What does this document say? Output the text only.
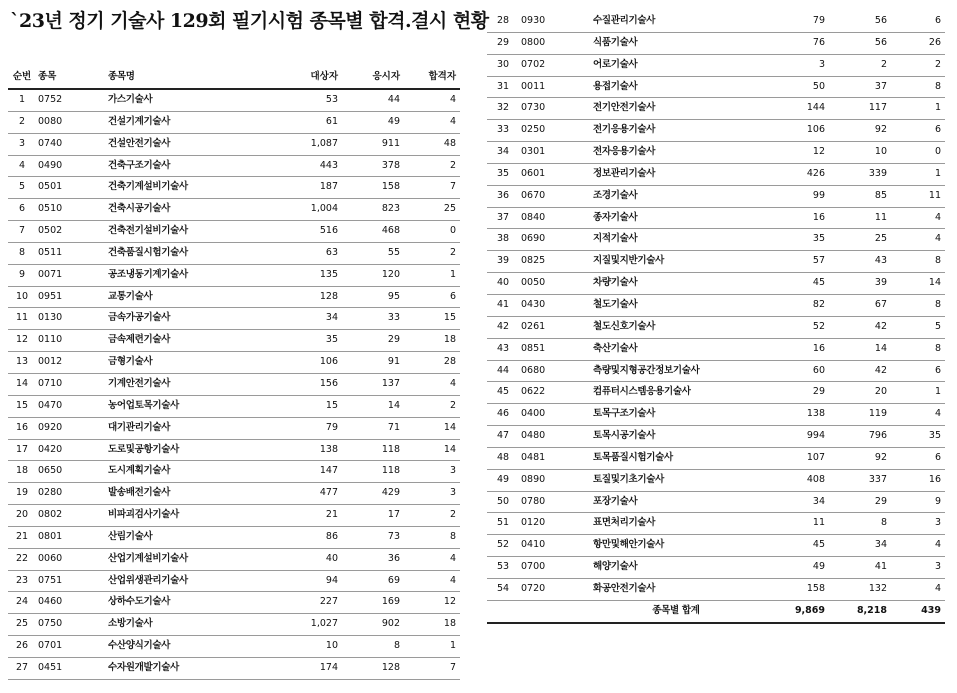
`23년 정기 기술사 129회 필기시험 종목별 합격.결시 현황
순번	종목	종목명	대상자	응시자	합격자
1	0752	가스기술사	53	44	4
2	0080	건설기계기술사	61	49	4
3	0740	건설안전기술사	1,087	911	48
4	0490	건축구조기술사	443	378	2
5	0501	건축기계설비기술사	187	158	7
6	0510	건축시공기술사	1,004	823	25
7	0502	건축전기설비기술사	516	468	0
8	0511	건축품질시험기술사	63	55	2
9	0071	공조냉동기계기술사	135	120	1
10	0951	교통기술사	128	95	6
11	0130	금속가공기술사	34	33	15
12	0110	금속제련기술사	35	29	18
13	0012	금형기술사	106	91	28
14	0710	기계안전기술사	156	137	4
15	0470	농어업토목기술사	15	14	2
16	0920	대기관리기술사	79	71	14
17	0420	도로및공항기술사	138	118	14
18	0650	도시계획기술사	147	118	3
19	0280	발송배전기술사	477	429	3
20	0802	비파괴검사기술사	21	17	2
21	0801	산림기술사	86	73	8
22	0060	산업기계설비기술사	40	36	4
23	0751	산업위생관리기술사	94	69	4
24	0460	상하수도기술사	227	169	12
25	0750	소방기술사	1,027	902	18
26	0701	수산양식기술사	10	8	1
27	0451	수자원개발기술사	174	128	7
28	0930	수질관리기술사	79	56	6
29	0800	식품기술사	76	56	26
30	0702	어로기술사	3	2	2
31	0011	용접기술사	50	37	8
32	0730	전기안전기술사	144	117	1
33	0250	전기응용기술사	106	92	6
34	0301	전자응용기술사	12	10	0
35	0601	정보관리기술사	426	339	1
36	0670	조경기술사	99	85	11
37	0840	종자기술사	16	11	4
38	0690	지적기술사	35	25	4
39	0825	지질및지반기술사	57	43	8
40	0050	차량기술사	45	39	14
41	0430	철도기술사	82	67	8
42	0261	철도신호기술사	52	42	5
43	0851	축산기술사	16	14	8
44	0680	측량및지형공간정보기술사	60	42	6
45	0622	컴퓨터시스템응용기술사	29	20	1
46	0400	토목구조기술사	138	119	4
47	0480	토목시공기술사	994	796	35
48	0481	토목품질시험기술사	107	92	6
49	0890	토질및기초기술사	408	337	16
50	0780	포장기술사	34	29	9
51	0120	표면처리기술사	11	8	3
52	0410	항만및해안기술사	45	34	4
53	0700	해양기술사	49	41	3
54	0720	화공안전기술사	158	132	4
		종목별 합계	9,869	8,218	439
